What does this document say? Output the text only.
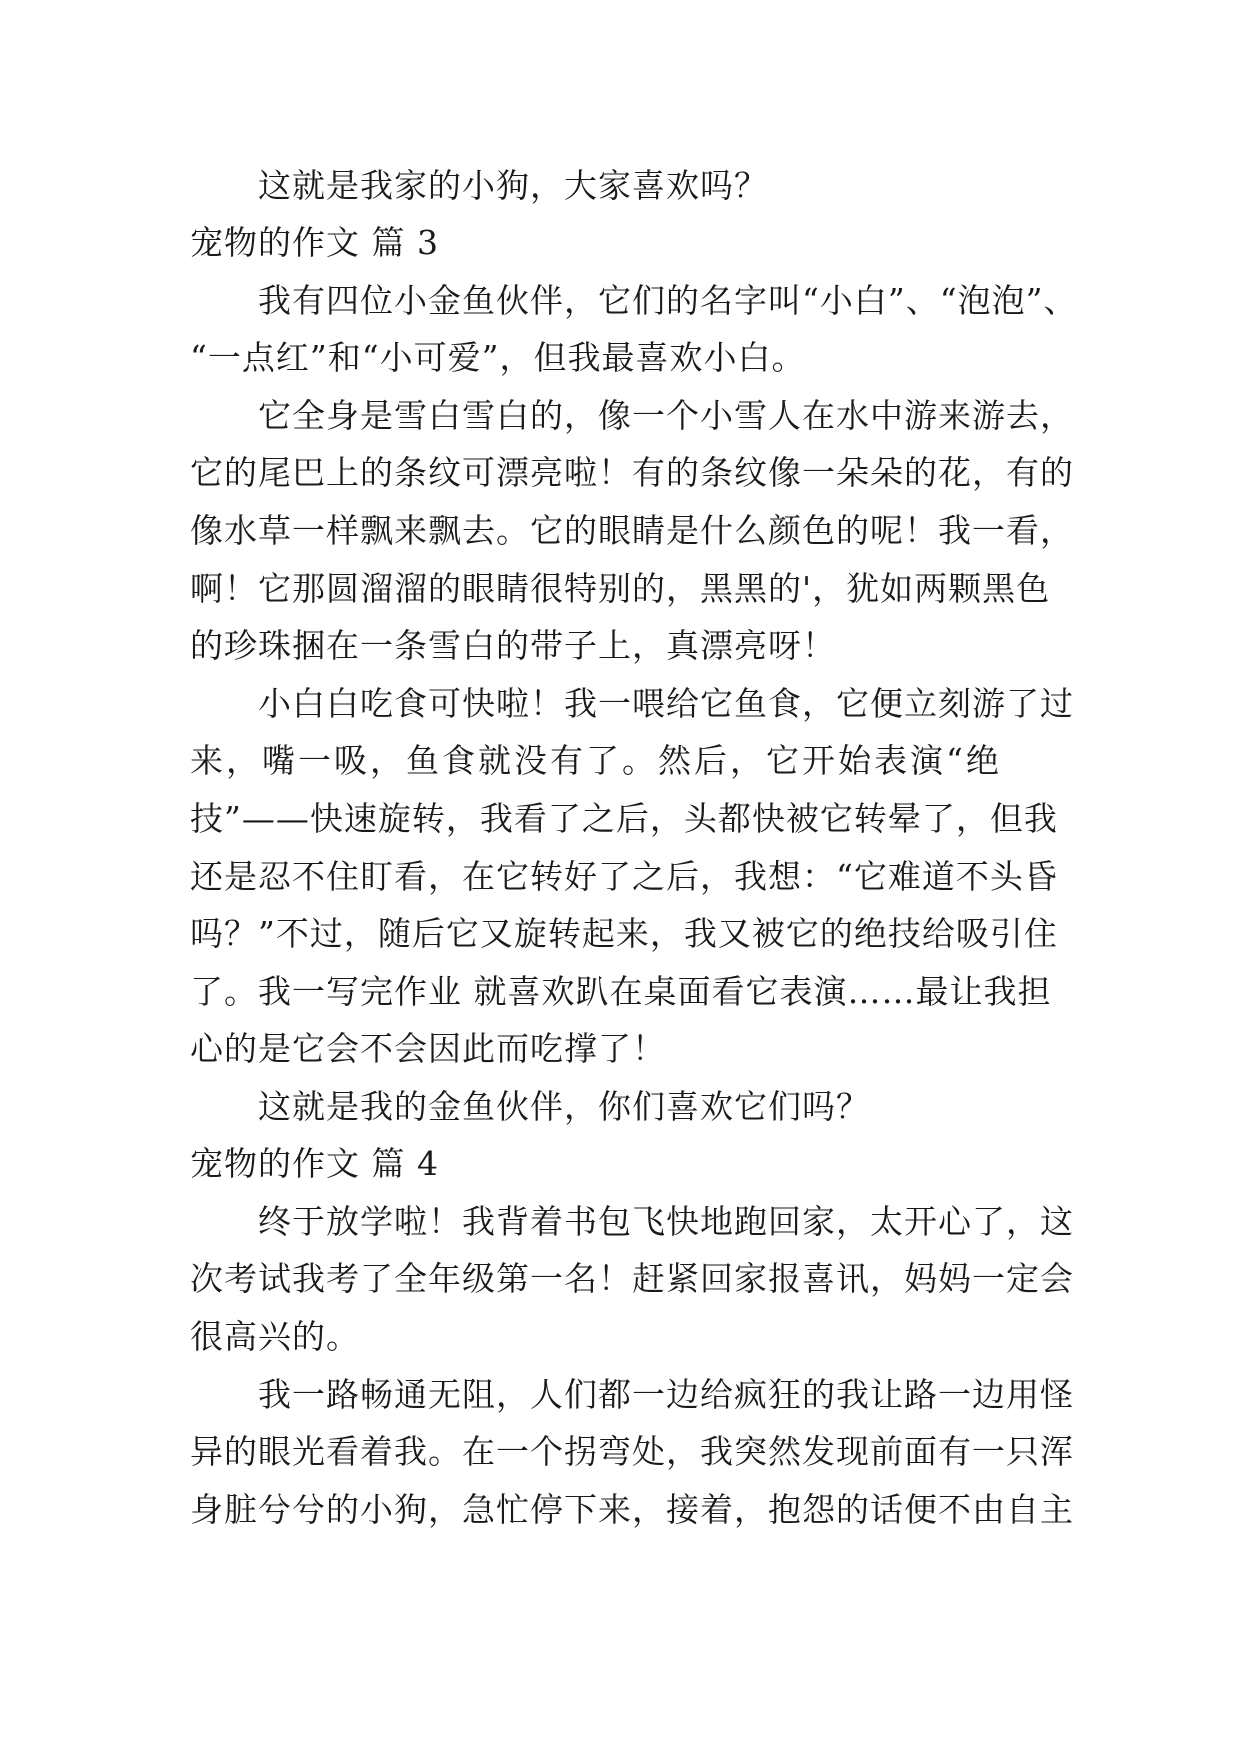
这就是我家的小狗，大家喜欢吗？
宠物的作文 篇 3
我有四位小金鱼伙伴，它们的名字叫“小白”、“泡泡”、
“一点红”和“小可爱”，但我最喜欢小白。
它全身是雪白雪白的，像一个小雪人在水中游来游去，
它的尾巴上的条纹可漂亮啦！有的条纹像一朵朵的花，有的
像水草一样飘来飘去。它的眼睛是什么颜色的呢！我一看，
啊！它那圆溜溜的眼睛很特别的，黑黑的'，犹如两颗黑色
的珍珠捆在一条雪白的带子上，真漂亮呀！
小白白吃食可快啦！我一喂给它鱼食，它便立刻游了过
来，嘴一吸，鱼食就没有了。然后，它开始表演“绝
技”——快速旋转，我看了之后，头都快被它转晕了，但我
还是忍不住盯看，在它转好了之后，我想：“它难道不头昏
吗？”不过，随后它又旋转起来，我又被它的绝技给吸引住
了。我一写完作业 就喜欢趴在桌面看它表演……最让我担
心的是它会不会因此而吃撑了！
这就是我的金鱼伙伴，你们喜欢它们吗？
宠物的作文 篇 4
终于放学啦！我背着书包飞快地跑回家，太开心了，这
次考试我考了全年级第一名！赶紧回家报喜讯，妈妈一定会
很高兴的。
我一路畅通无阻，人们都一边给疯狂的我让路一边用怪
异的眼光看着我。在一个拐弯处，我突然发现前面有一只浑
身脏兮兮的小狗，急忙停下来，接着，抱怨的话便不由自主
